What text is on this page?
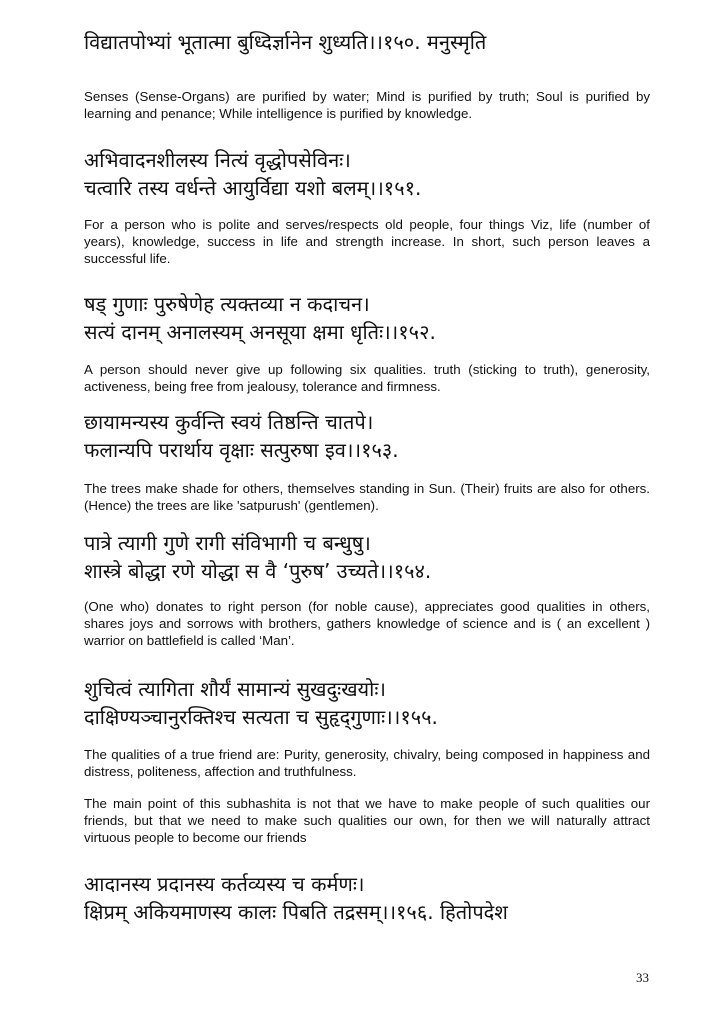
विद्यातपोभ्यां भूतात्मा बुध्दिर्ज्ञानेन शुध्यति।।१५०. मनुस्मृति

Senses (Sense-Organs) are purified by water; Mind is purified by truth; Soul is purified by learning and penance; While intelligence is purified by knowledge.

अभिवादनशीलस्य नित्यं वृद्धोपसेविनः।
चत्वारि तस्य वर्धन्ते आयुर्विद्या यशो बलम्।।१५१.

For a person who is polite and serves/respects old people, four things Viz, life (number of years), knowledge, success in life and strength increase. In short, such person leaves a successful life.

षड् गुणाः पुरुषेणेह त्यक्तव्या न कदाचन।
सत्यं दानम् अनालस्यम् अनसूया क्षमा धृतिः।।१५२.

A person should never give up following six qualities. truth (sticking to truth), generosity, activeness, being free from jealousy, tolerance and firmness.

छायामन्यस्य कुर्वन्ति स्वयं तिष्ठन्ति चातपे।
फलान्यपि परार्थाय वृक्षाः सत्पुरुषा इव।।१५३.

The trees make shade for others, themselves standing in Sun. (Their) fruits are also for others. (Hence) the trees are like 'satpurush' (gentlemen).

पात्रे त्यागी गुणे रागी संविभागी च बन्धुषु।
शास्त्रे बोद्धा रणे योद्धा स वै ‘पुरुष’ उच्यते।।१५४.

(One who) donates to right person (for noble cause), appreciates good qualities in others, shares joys and sorrows with brothers, gathers knowledge of science and is ( an excellent ) warrior on battlefield is called ‘Man’.

शुचित्वं त्यागिता शौर्यं सामान्यं सुखदुःखयोः।
दाक्षिण्यञ्चानुरक्तिश्च सत्यता च सुहृद्‌गुणाः।।१५५.

The qualities of a true friend are: Purity, generosity, chivalry, being composed in happiness and distress, politeness, affection and truthfulness.

The main point of this subhashita is not that we have to make people of such qualities our friends, but that we need to make such qualities our own, for then we will naturally attract virtuous people to become our friends

आदानस्य प्रदानस्य कर्तव्यस्य च कर्मणः।
क्षिप्रम् अकियमाणस्य कालः पिबति तद्रसम्।।१५६. हितोपदेश
33
